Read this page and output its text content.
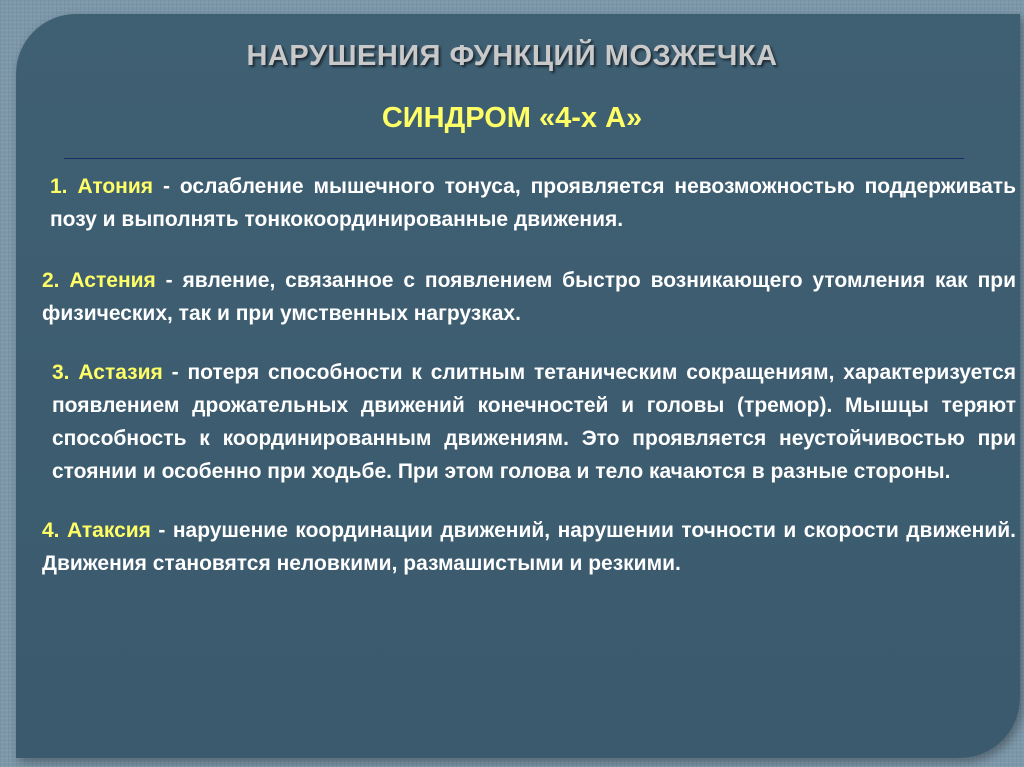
НАРУШЕНИЯ ФУНКЦИЙ МОЗЖЕЧКА
СИНДРОМ «4-х А»

1. Атония - ослабление мышечного тонуса, проявляется невозможностью поддерживать позу и выполнять тонкокоординированные движения.

2. Астения - явление, связанное с появлением быстро возникающего утомления как при физических, так и при умственных нагрузках.

3. Астазия - потеря способности к слитным тетаническим сокращениям, характеризуется появлением дрожательных движений конечностей и головы (тремор). Мышцы теряют способность к координированным движениям. Это проявляется неустойчивостью при стоянии и особенно при ходьбе. При этом голова и тело качаются в разные стороны.

4. Атаксия - нарушение координации движений, нарушении точности и скорости движений. Движения становятся неловкими, размашистыми и резкими.
